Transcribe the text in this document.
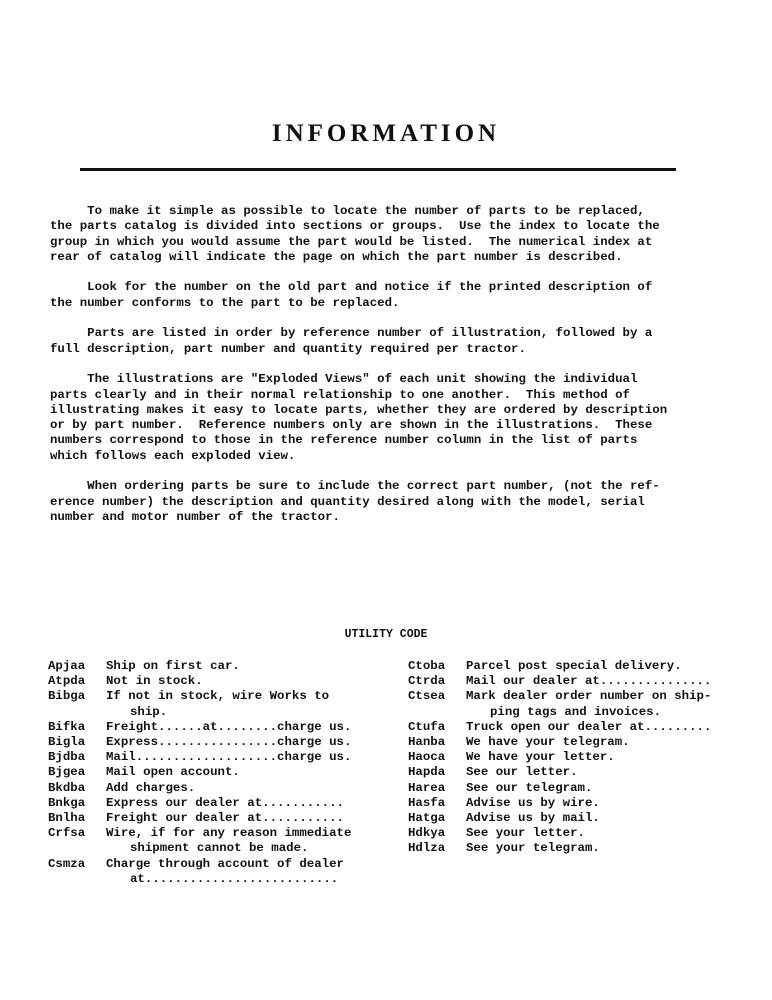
INFORMATION

To make it simple as possible to locate the number of parts to be replaced,
the parts catalog is divided into sections or groups.  Use the index to locate the
group in which you would assume the part would be listed.  The numerical index at
rear of catalog will indicate the page on which the part number is described.

Look for the number on the old part and notice if the printed description of
the number conforms to the part to be replaced.

Parts are listed in order by reference number of illustration, followed by a
full description, part number and quantity required per tractor.

The illustrations are "Exploded Views" of each unit showing the individual
parts clearly and in their normal relationship to one another.  This method of
illustrating makes it easy to locate parts, whether they are ordered by description
or by part number.  Reference numbers only are shown in the illustrations.  These
numbers correspond to those in the reference number column in the list of parts
which follows each exploded view.

When ordering parts be sure to include the correct part number, (not the ref-
erence number) the description and quantity desired along with the model, serial
number and motor number of the tractor.

UTILITY CODE
Apjaa	Ship on first car.
Atpda	Not in stock.
Bibga	If not in stock, wire Works to
ship.
Bifka	Freight......at........charge us.
Bigla	Express................charge us.
Bjdba	Mail...................charge us.
Bjgea	Mail open account.
Bkdba	Add charges.
Bnkga	Express our dealer at...........
Bnlha	Freight our dealer at...........
Crfsa	Wire, if for any reason immediate
shipment cannot be made.
Csmza	Charge through account of dealer
at..........................
Ctoba	Parcel post special delivery.
Ctrda	Mail our dealer at...............
Ctsea	Mark dealer order number on ship-
ping tags and invoices.
Ctufa	Truck open our dealer at.........
Hanba	We have your telegram.
Haoca	We have your letter.
Hapda	See our letter.
Harea	See our telegram.
Hasfa	Advise us by wire.
Hatga	Advise us by mail.
Hdkya	See your letter.
Hdlza	See your telegram.
